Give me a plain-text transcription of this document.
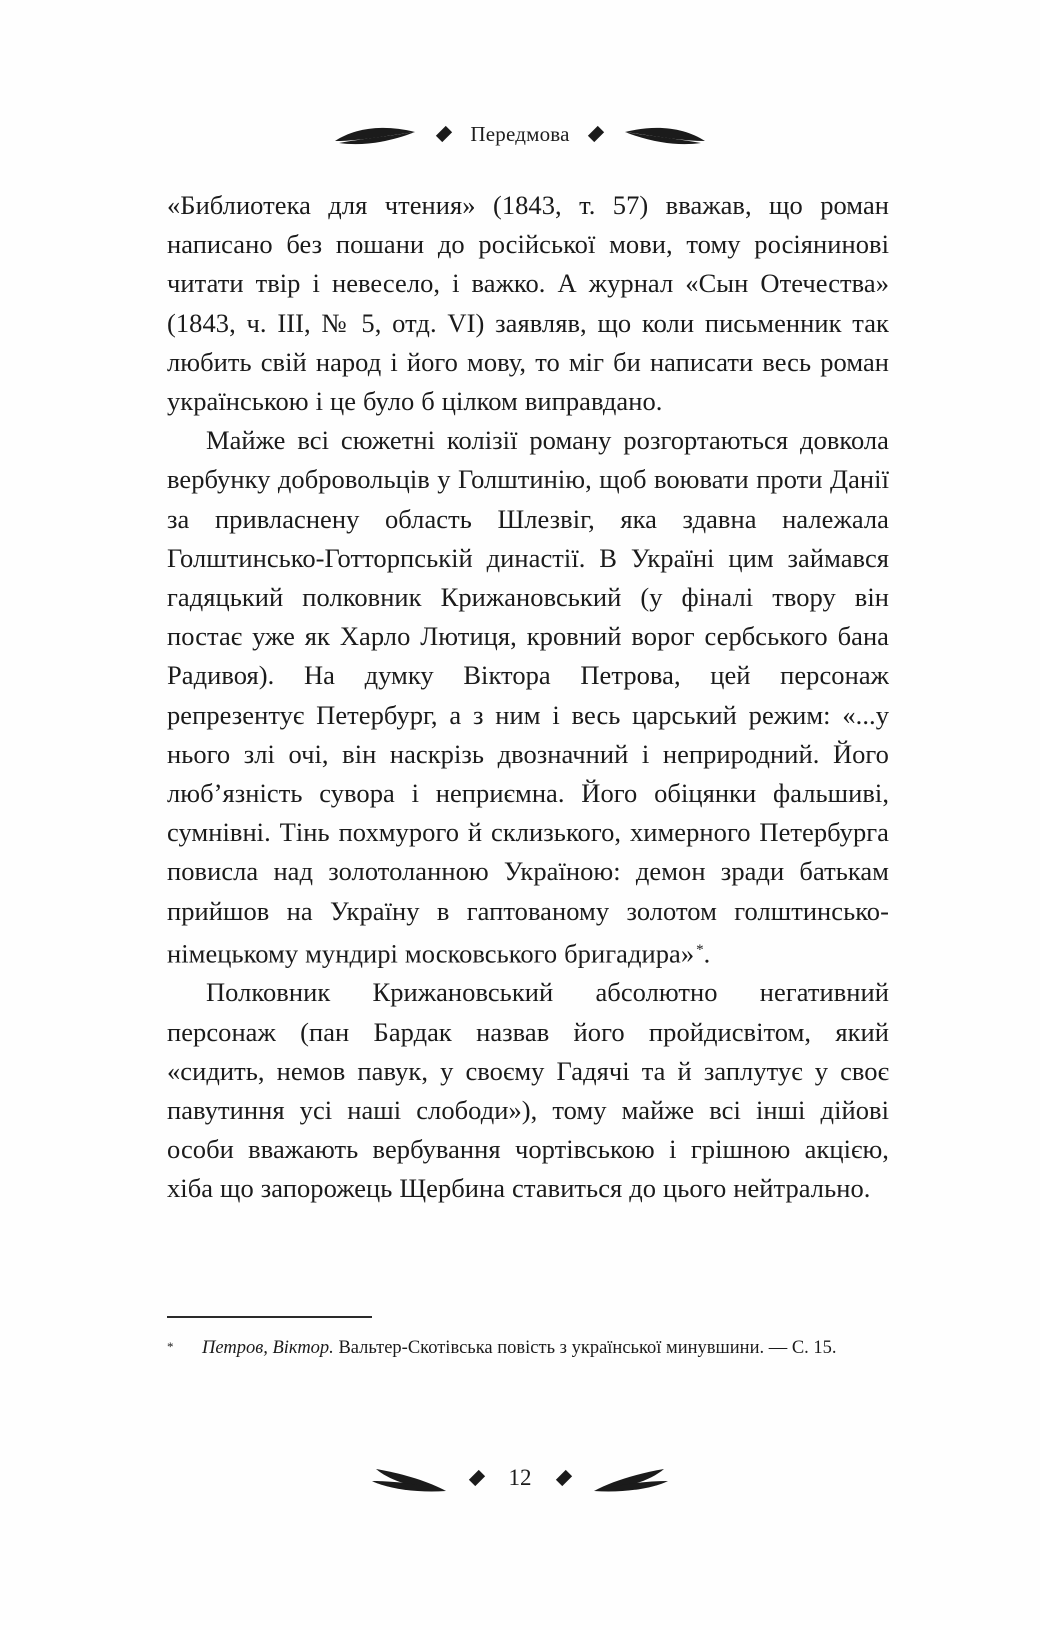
Передмова

«Библиотека для чтения» (1843, т. 57) вважав, що роман написано без пошани до російської мови, тому росіянинові читати твір і невесело, і важко. А журнал «Сын Отечества» (1843, ч. III, № 5, отд. VI) заявляв, що коли письменник так любить свій народ і його мову, то міг би написати весь роман українською і це було б цілком виправдано.

Майже всі сюжетні колізії роману розгортаються довкола вербунку добровольців у Голштинію, щоб воювати проти Данії за привласнену область Шлезвіг, яка здавна належала Голштинсько-Готторпській династії. В Україні цим займався гадяцький полковник Крижановський (у фіналі твору він постає уже як Харло Лютиця, кровний ворог сербського бана Радивоя). На думку Віктора Петрова, цей персонаж репрезентує Петербург, а з ним і весь царський режим: «...у нього злі очі, він наскрізь двозначний і неприродний. Його люб’язність сувора і неприємна. Його обіцянки фальшиві, сумнівні. Тінь похмурого й склизького, химерного Петербурга повисла над золотоланною Україною: демон зради батькам прийшов на Україну в гаптованому золотом голштинсько-німецькому мундирі московського бригадира» *.

Полковник Крижановський абсолютно негативний персонаж (пан Бардак назвав його пройдисвітом, який «сидить, немов павук, у своєму Гадячі та й заплутує у своє павутиння усі наші слободи»), тому майже всі інші дійові особи вважають вербування чортівською і грішною акцією, хіба що запорожець Щербина ставиться до цього нейтрально.

*	Петров, Віктор. Вальтер-Скотівська повість з української минувшини. — С. 15.
12
